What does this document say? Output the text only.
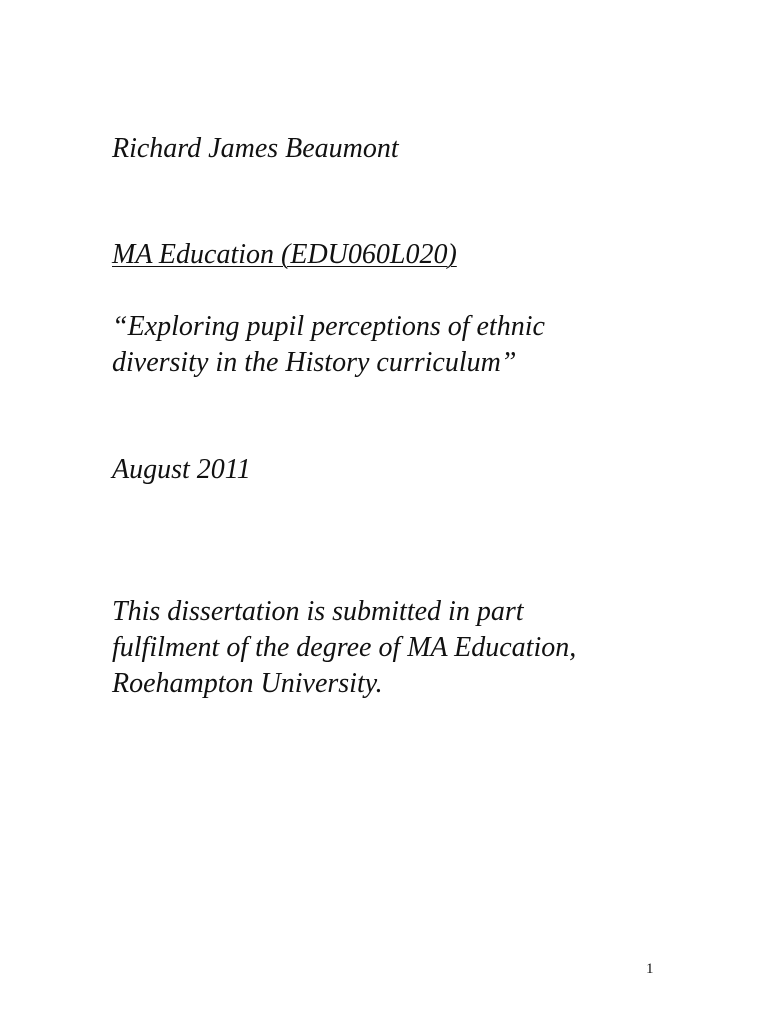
Richard James Beaumont

MA Education (EDU060L020)

“Exploring pupil perceptions of ethnic
diversity in the History curriculum”

August 2011

This dissertation is submitted in part
fulfilment of the degree of MA Education,
Roehampton University.
1
